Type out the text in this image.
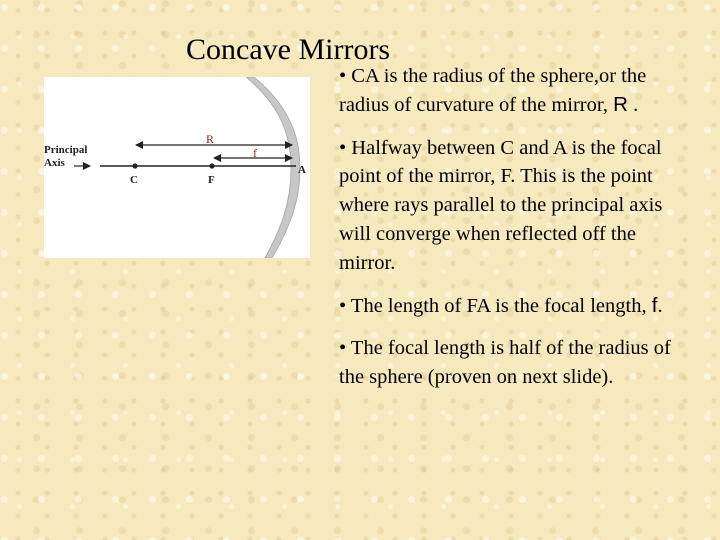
Concave Mirrors
Principal
Axis
R
f
C	F
A
• CA is the radius of the sphere,or the radius of curvature of the mirror, R .
• Halfway between C and A is the focal point of the mirror, F. This is the point where rays parallel to the principal axis will converge when reflected off the mirror.
• The length of FA is the focal length, f.
• The focal length is half of the radius of the sphere (proven on next slide).
